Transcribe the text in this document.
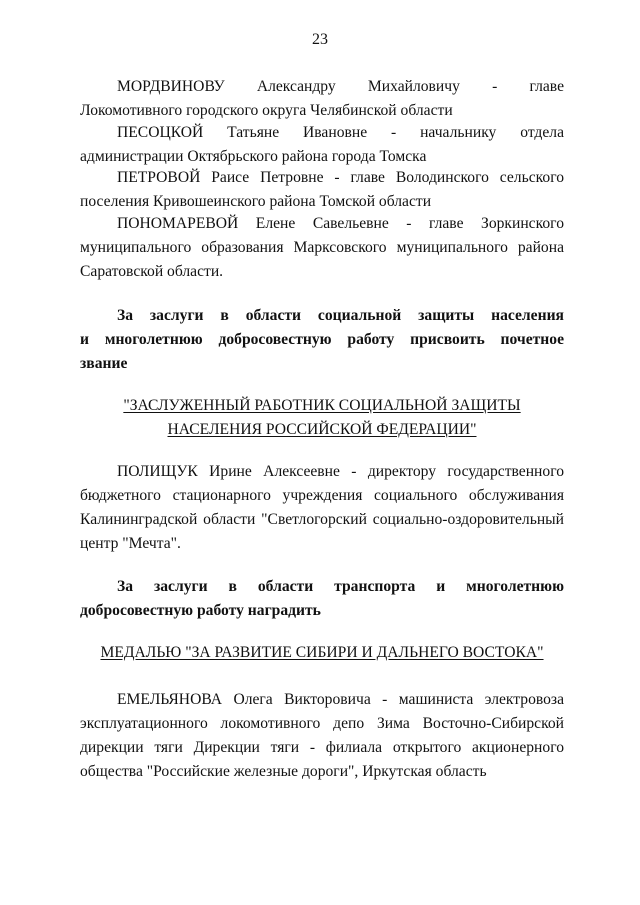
23
МОРДВИНОВУ Александру Михайловичу - главе
Локомотивного городского округа Челябинской области
ПЕСОЦКОЙ Татьяне Ивановне - начальнику отдела
администрации Октябрьского района города Томска
ПЕТРОВОЙ Раисе Петровне - главе Володинского сельского
поселения Кривошеинского района Томской области
ПОНОМАРЕВОЙ Елене Савельевне - главе Зоркинского
муниципального образования Марксовского муниципального района
Саратовской области.
За заслуги в области социальной защиты населения
и многолетнюю добросовестную работу присвоить почетное
звание
"ЗАСЛУЖЕННЫЙ РАБОТНИК СОЦИАЛЬНОЙ ЗАЩИТЫ
НАСЕЛЕНИЯ РОССИЙСКОЙ ФЕДЕРАЦИИ"
ПОЛИЩУК Ирине Алексеевне - директору государственного
бюджетного стационарного учреждения социального обслуживания
Калининградской области "Светлогорский социально-оздоровительный
центр "Мечта".
За заслуги в области транспорта и многолетнюю
добросовестную работу наградить
МЕДАЛЬЮ "ЗА РАЗВИТИЕ СИБИРИ И ДАЛЬНЕГО ВОСТОКА"
ЕМЕЛЬЯНОВА Олега Викторовича - машиниста электровоза
эксплуатационного локомотивного депо Зима Восточно-Сибирской
дирекции тяги Дирекции тяги - филиала открытого акционерного
общества "Российские железные дороги", Иркутская область
